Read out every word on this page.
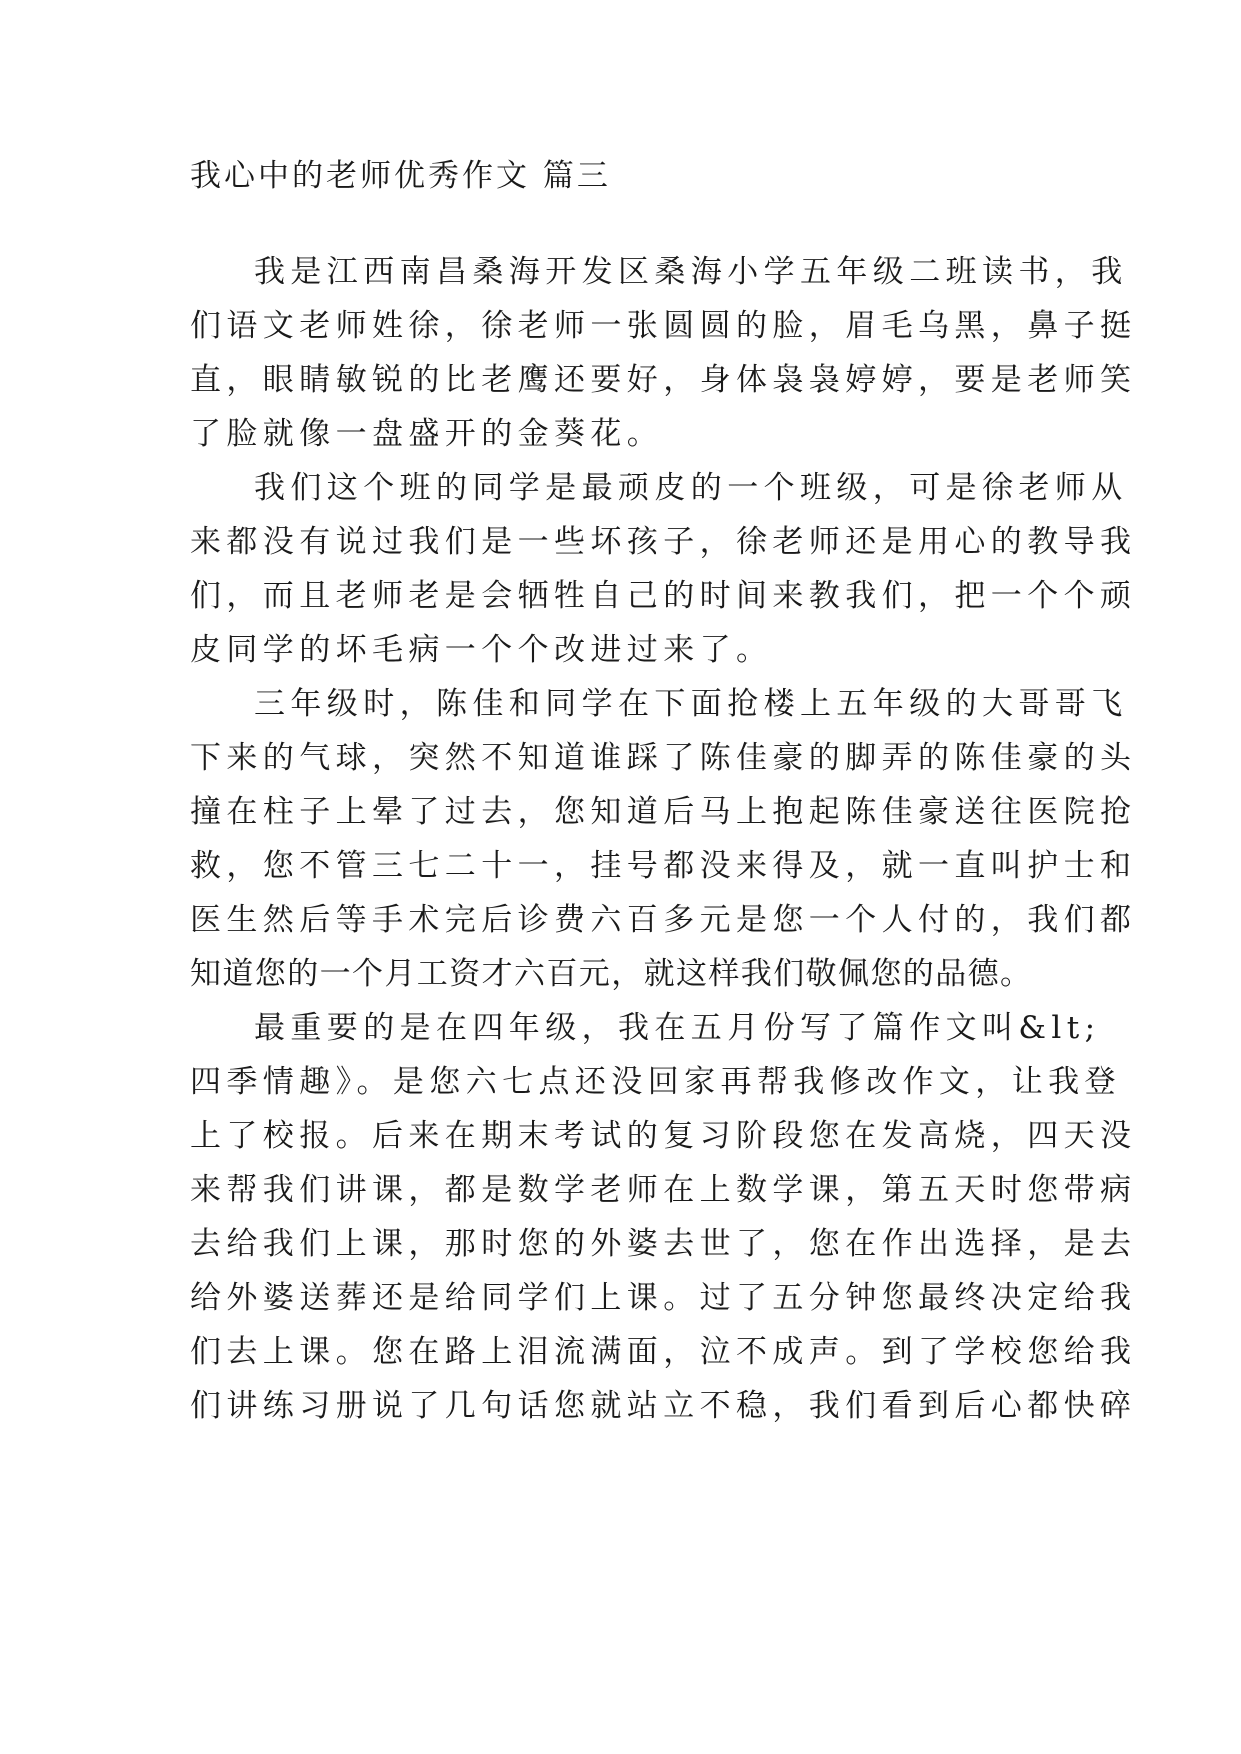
我心中的老师优秀作文 篇三
我是江西南昌桑海开发区桑海小学五年级二班读书，我
们语文老师姓徐，徐老师一张圆圆的脸，眉毛乌黑，鼻子挺
直，眼睛敏锐的比老鹰还要好，身体袅袅婷婷，要是老师笑
了脸就像一盘盛开的金葵花。
我们这个班的同学是最顽皮的一个班级，可是徐老师从
来都没有说过我们是一些坏孩子，徐老师还是用心的教导我
们，而且老师老是会牺牲自己的时间来教我们，把一个个顽
皮同学的坏毛病一个个改进过来了。
三年级时，陈佳和同学在下面抢楼上五年级的大哥哥飞
下来的气球，突然不知道谁踩了陈佳豪的脚弄的陈佳豪的头
撞在柱子上晕了过去，您知道后马上抱起陈佳豪送往医院抢
救，您不管三七二十一，挂号都没来得及，就一直叫护士和
医生然后等手术完后诊费六百多元是您一个人付的，我们都
知道您的一个月工资才六百元，就这样我们敬佩您的品德。
最重要的是在四年级，我在五月份写了篇作文叫&lt;
四季情趣》。是您六七点还没回家再帮我修改作文，让我登
上了校报。后来在期末考试的复习阶段您在发高烧，四天没
来帮我们讲课，都是数学老师在上数学课，第五天时您带病
去给我们上课，那时您的外婆去世了，您在作出选择，是去
给外婆送葬还是给同学们上课。过了五分钟您最终决定给我
们去上课。您在路上泪流满面，泣不成声。到了学校您给我
们讲练习册说了几句话您就站立不稳，我们看到后心都快碎
